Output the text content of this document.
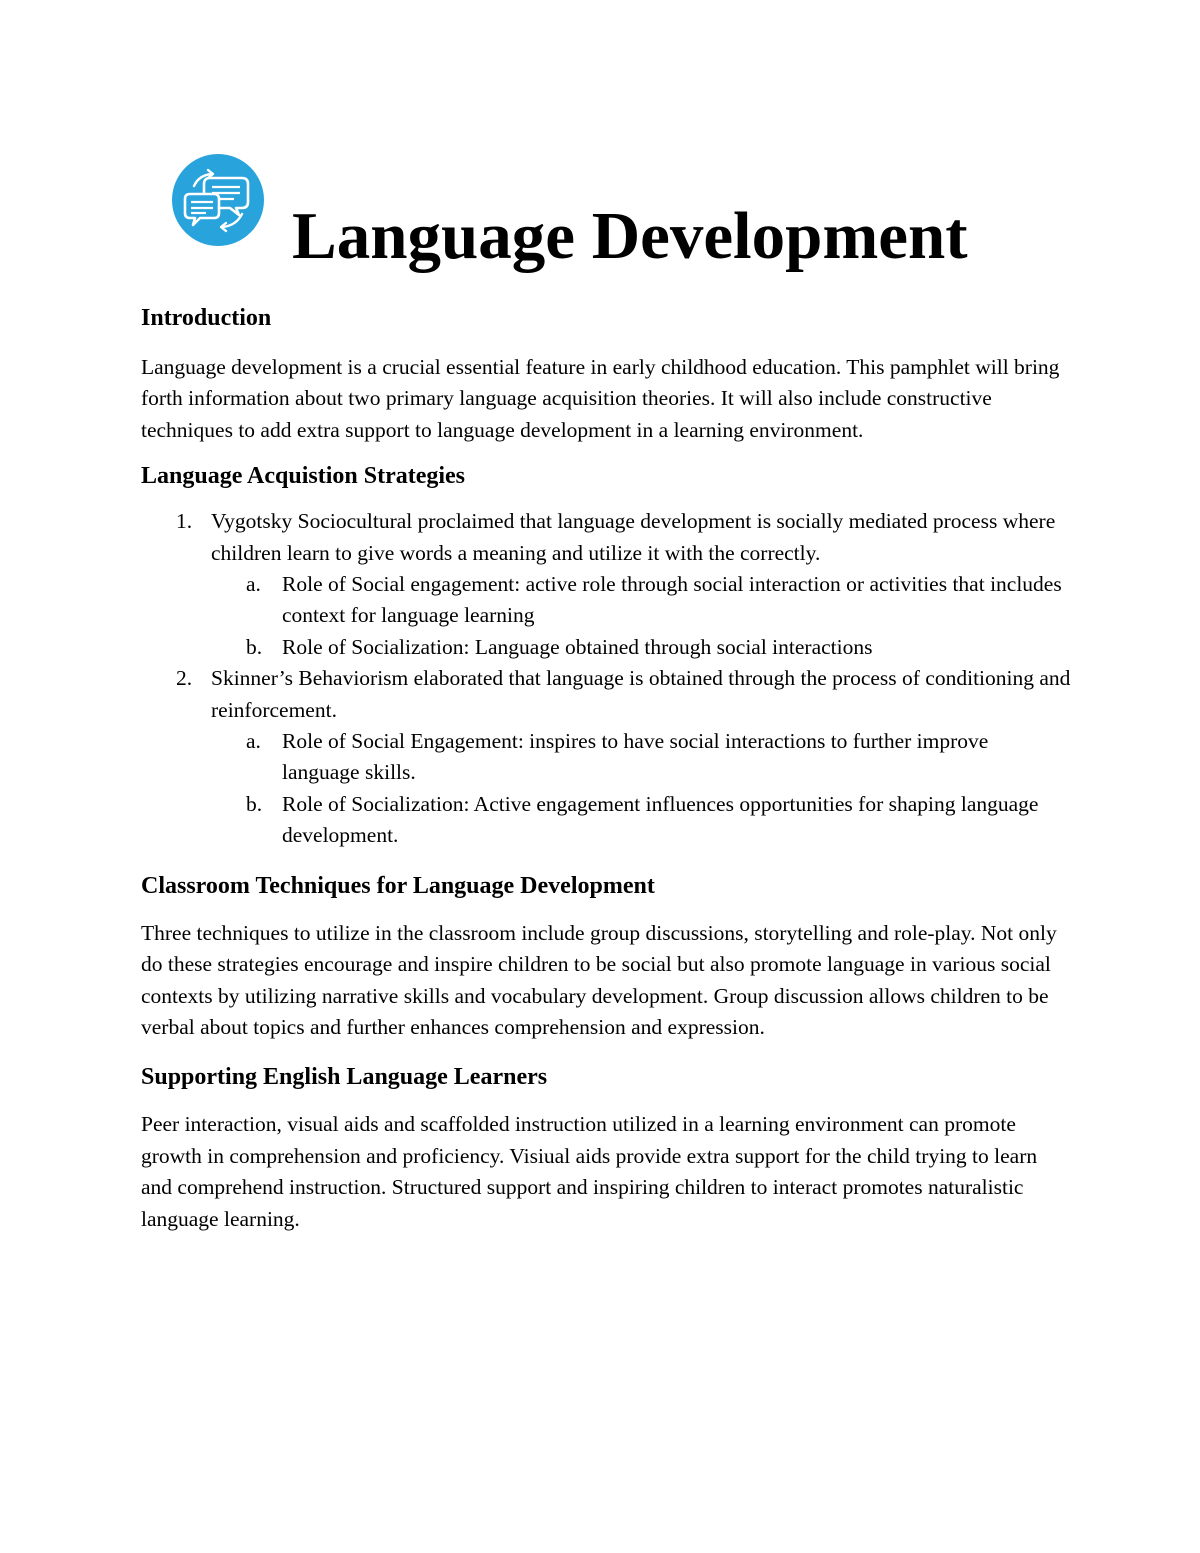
Language Development
Introduction

Language development is a crucial essential feature in early childhood education. This pamphlet will bring forth information about two primary language acquisition theories. It will also include constructive techniques to add extra support to language development in a learning environment.

Language Acquistion Strategies
1. Vygotsky Sociocultural proclaimed that language development is socially mediated process where children learn to give words a meaning and utilize it with the correctly.
a. Role of Social engagement: active role through social interaction or activities that includes context for language learning
b. Role of Socialization: Language obtained through social interactions
2. Skinner’s Behaviorism elaborated that language is obtained through the process of conditioning and reinforcement.
a. Role of Social Engagement: inspires to have social interactions to further improve language skills.
b. Role of Socialization: Active engagement influences opportunities for shaping language development.
Classroom Techniques for Language Development

Three techniques to utilize in the classroom include group discussions, storytelling and role-play. Not only do these strategies encourage and inspire children to be social but also promote language in various social contexts by utilizing narrative skills and vocabulary development. Group discussion allows children to be verbal about topics and further enhances comprehension and expression.

Supporting English Language Learners

Peer interaction, visual aids and scaffolded instruction utilized in a learning environment can promote growth in comprehension and proficiency. Visiual aids provide extra support for the child trying to learn and comprehend instruction. Structured support and inspiring children to interact promotes naturalistic language learning.
